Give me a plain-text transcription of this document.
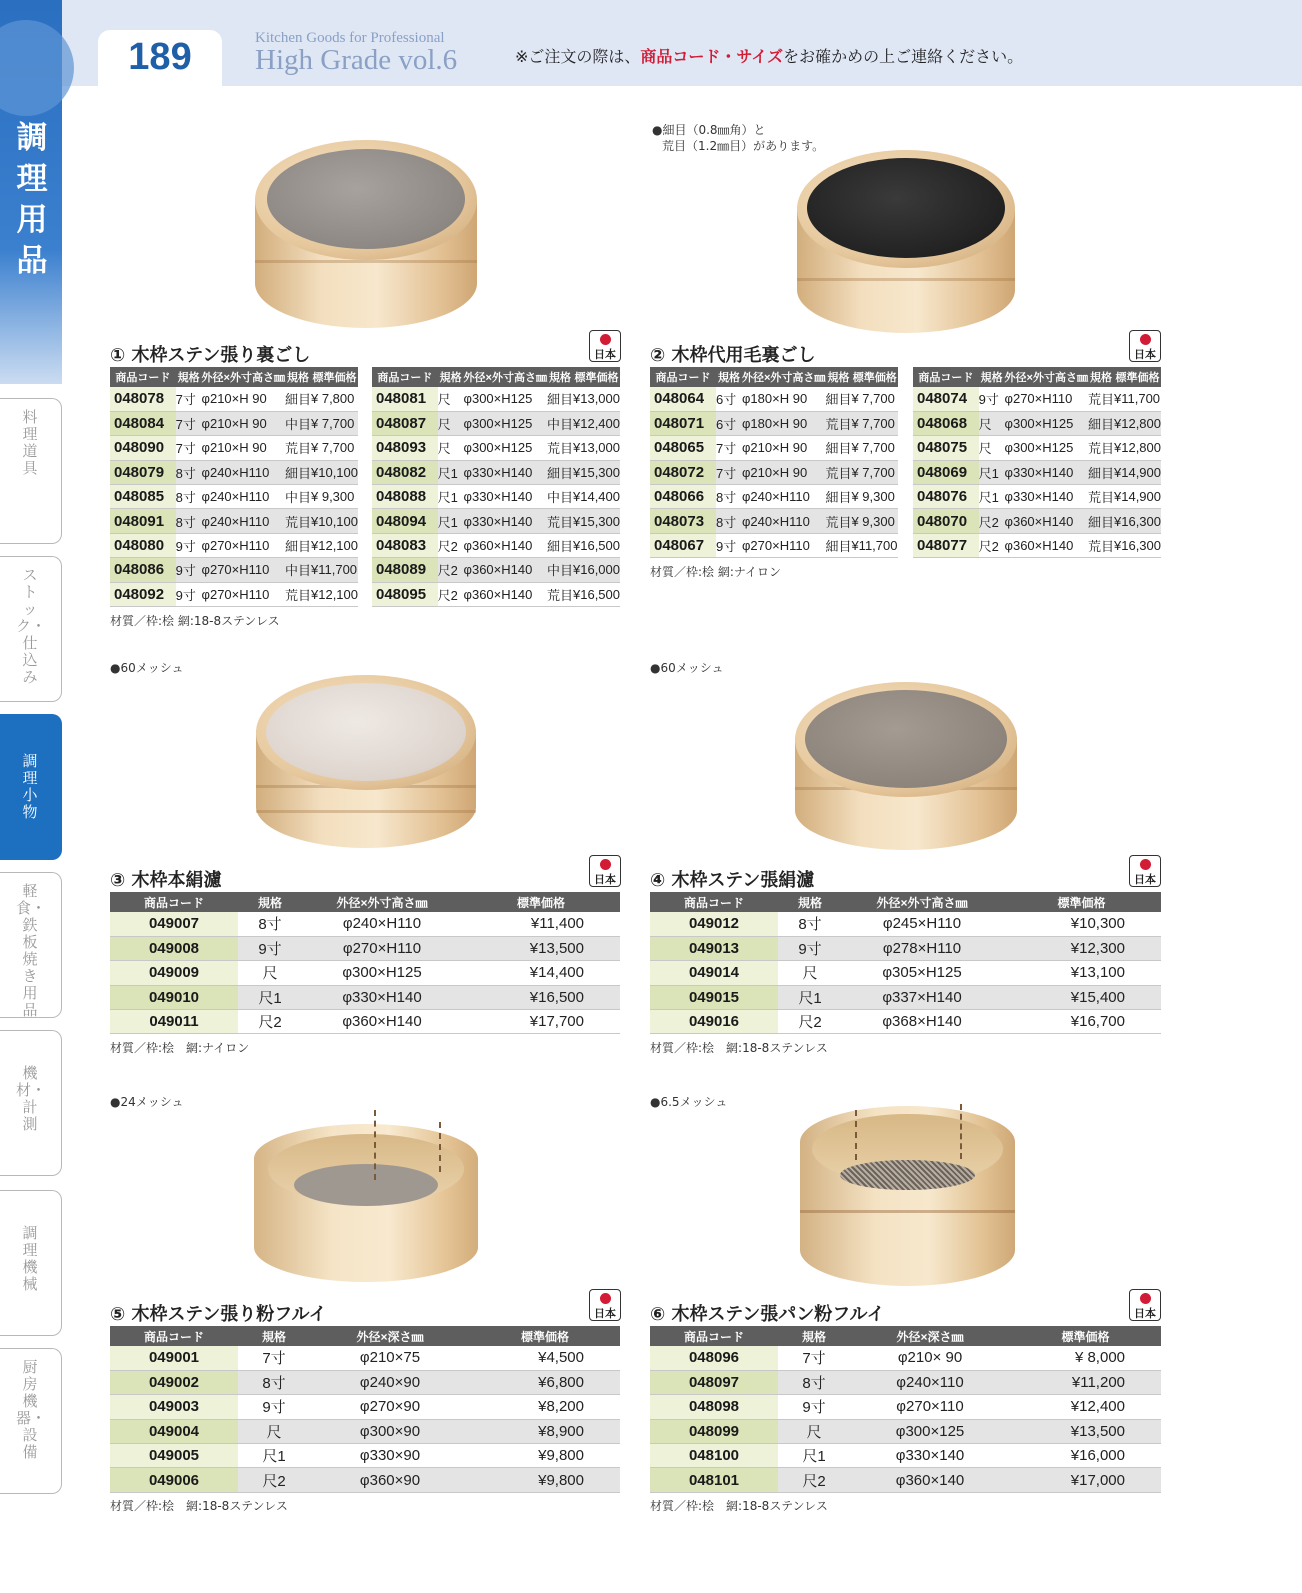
189	Kitchen Goods for Professional
High Grade vol.6	※ご注文の際は、商品コード・サイズをお確かめの上ご連絡ください。
調理用品
料理道具
ストック・仕込み
調理小物
軽食・鉄板焼き用品
機材・計測
調理機械
厨房機器・設備
① 木枠ステン張り裏ごし	日本
商品コード	規格	外径×外寸高さ㎜	規格	標準価格
048078	7寸	φ210×H 90	細目	¥ 7,800
048084	7寸	φ210×H 90	中目	¥ 7,700
048090	7寸	φ210×H 90	荒目	¥ 7,700
048079	8寸	φ240×H110	細目	¥10,100
048085	8寸	φ240×H110	中目	¥ 9,300
048091	8寸	φ240×H110	荒目	¥10,100
048080	9寸	φ270×H110	細目	¥12,100
048086	9寸	φ270×H110	中目	¥11,700
048092	9寸	φ270×H110	荒目	¥12,100
商品コード	規格	外径×外寸高さ㎜	規格	標準価格
048081	尺	φ300×H125	細目	¥13,000
048087	尺	φ300×H125	中目	¥12,400
048093	尺	φ300×H125	荒目	¥13,000
048082	尺1	φ330×H140	細目	¥15,300
048088	尺1	φ330×H140	中目	¥14,400
048094	尺1	φ330×H140	荒目	¥15,300
048083	尺2	φ360×H140	細目	¥16,500
048089	尺2	φ360×H140	中目	¥16,000
048095	尺2	φ360×H140	荒目	¥16,500
材質／枠:桧 網:18-8ステンレス
●細目（0.8㎜角）と
荒目（1.2㎜目）があります。
② 木枠代用毛裏ごし	日本
商品コード	規格	外径×外寸高さ㎜	規格	標準価格
048064	6寸	φ180×H 90	細目	¥ 7,700
048071	6寸	φ180×H 90	荒目	¥ 7,700
048065	7寸	φ210×H 90	細目	¥ 7,700
048072	7寸	φ210×H 90	荒目	¥ 7,700
048066	8寸	φ240×H110	細目	¥ 9,300
048073	8寸	φ240×H110	荒目	¥ 9,300
048067	9寸	φ270×H110	細目	¥11,700
商品コード	規格	外径×外寸高さ㎜	規格	標準価格
048074	9寸	φ270×H110	荒目	¥11,700
048068	尺	φ300×H125	細目	¥12,800
048075	尺	φ300×H125	荒目	¥12,800
048069	尺1	φ330×H140	細目	¥14,900
048076	尺1	φ330×H140	荒目	¥14,900
048070	尺2	φ360×H140	細目	¥16,300
048077	尺2	φ360×H140	荒目	¥16,300
材質／枠:桧 網:ナイロン
●60メッシュ
③ 木枠本絹濾	日本
商品コード	規格	外径×外寸高さ㎜	標準価格
049007	8寸	φ240×H110	¥11,400
049008	9寸	φ270×H110	¥13,500
049009	尺	φ300×H125	¥14,400
049010	尺1	φ330×H140	¥16,500
049011	尺2	φ360×H140	¥17,700
材質／枠:桧　網:ナイロン
●60メッシュ
④ 木枠ステン張絹濾	日本
商品コード	規格	外径×外寸高さ㎜	標準価格
049012	8寸	φ245×H110	¥10,300
049013	9寸	φ278×H110	¥12,300
049014	尺	φ305×H125	¥13,100
049015	尺1	φ337×H140	¥15,400
049016	尺2	φ368×H140	¥16,700
材質／枠:桧　網:18-8ステンレス
●24メッシュ
⑤ 木枠ステン張り粉フルイ	日本
商品コード	規格	外径×深さ㎜	標準価格
049001	7寸	φ210×75	¥4,500
049002	8寸	φ240×90	¥6,800
049003	9寸	φ270×90	¥8,200
049004	尺	φ300×90	¥8,900
049005	尺1	φ330×90	¥9,800
049006	尺2	φ360×90	¥9,800
材質／枠:桧　網:18-8ステンレス
●6.5メッシュ
⑥ 木枠ステン張パン粉フルイ	日本
商品コード	規格	外径×深さ㎜	標準価格
048096	7寸	φ210× 90	¥ 8,000
048097	8寸	φ240×110	¥11,200
048098	9寸	φ270×110	¥12,400
048099	尺	φ300×125	¥13,500
048100	尺1	φ330×140	¥16,000
048101	尺2	φ360×140	¥17,000
材質／枠:桧　網:18-8ステンレス
